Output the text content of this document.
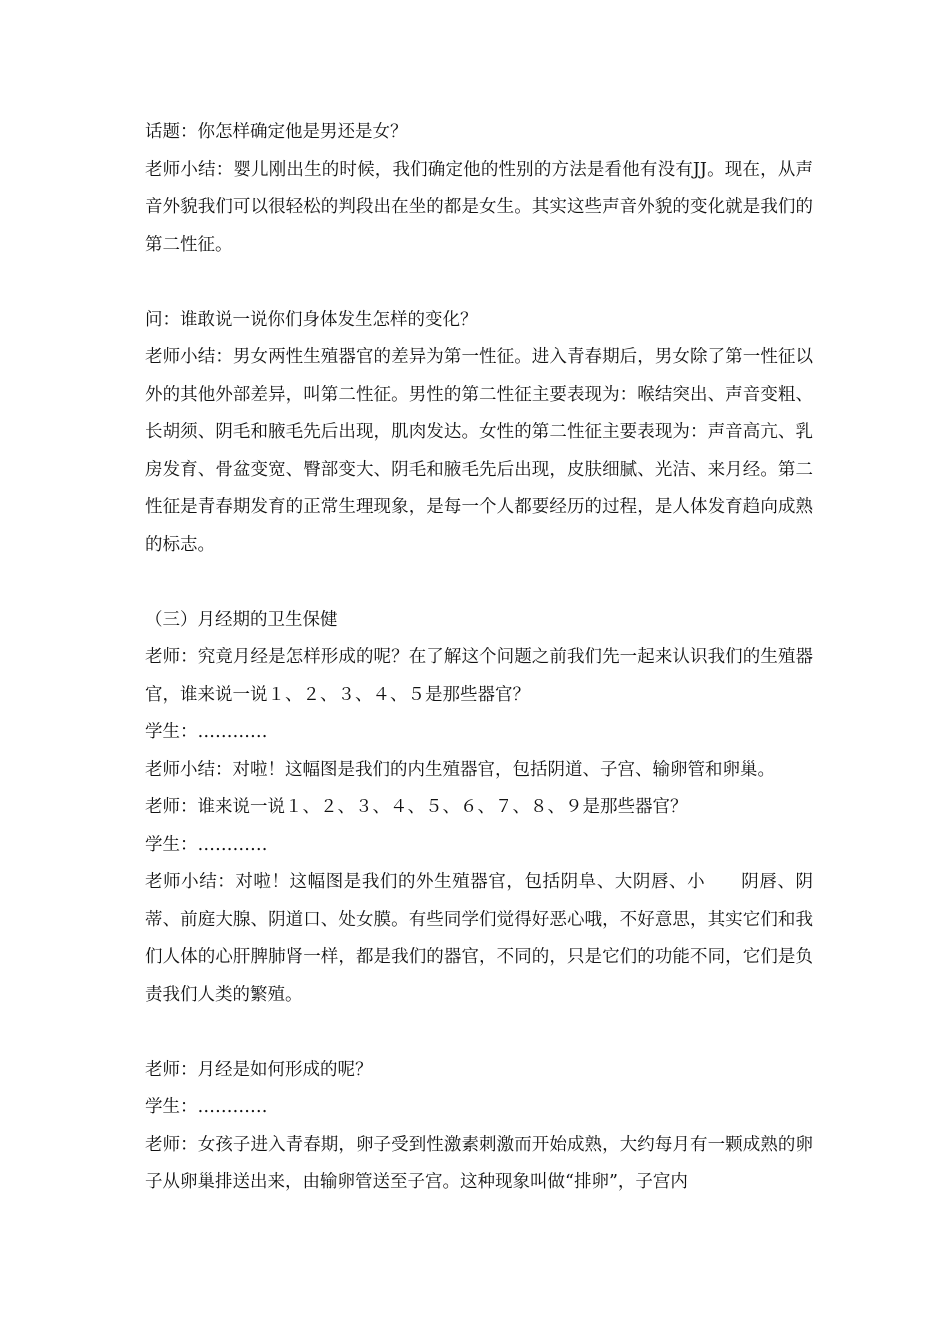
话题：你怎样确定他是男还是女？

老师小结：婴儿刚出生的时候，我们确定他的性别的方法是看他有没有JJ。现在，从声音外貌我们可以很轻松的判段出在坐的都是女生。其实这些声音外貌的变化就是我们的第二性征。

问：谁敢说一说你们身体发生怎样的变化？

老师小结：男女两性生殖器官的差异为第一性征。进入青春期后，男女除了第一性征以外的其他外部差异，叫第二性征。男性的第二性征主要表现为：喉结突出、声音变粗、长胡须、阴毛和腋毛先后出现，肌肉发达。女性的第二性征主要表现为：声音高亢、乳房发育、骨盆变宽、臀部变大、阴毛和腋毛先后出现，皮肤细腻、光洁、来月经。第二性征是青春期发育的正常生理现象，是每一个人都要经历的过程，是人体发育趋向成熟的标志。

（三）月经期的卫生保健

老师：究竟月经是怎样形成的呢？在了解这个问题之前我们先一起来认识我们的生殖器官，谁来说一说１、２、３、４、５是那些器官？

学生：…………

老师小结：对啦！这幅图是我们的内生殖器官，包括阴道、子宫、输卵管和卵巢。

老师：谁来说一说１、２、３、４、５、６、７、８、９是那些器官？

学生：…………

老师小结：对啦！这幅图是我们的外生殖器官，包括阴阜、大阴唇、小　　阴唇、阴蒂、前庭大腺、阴道口、处女膜。有些同学们觉得好恶心哦，不好意思，其实它们和我们人体的心肝脾肺肾一样，都是我们的器官，不同的，只是它们的功能不同，它们是负责我们人类的繁殖。

老师：月经是如何形成的呢？

学生：…………

老师：女孩子进入青春期，卵子受到性激素刺激而开始成熟，大约每月有一颗成熟的卵子从卵巢排送出来，由输卵管送至子宫。这种现象叫做“排卵”，子宫内
